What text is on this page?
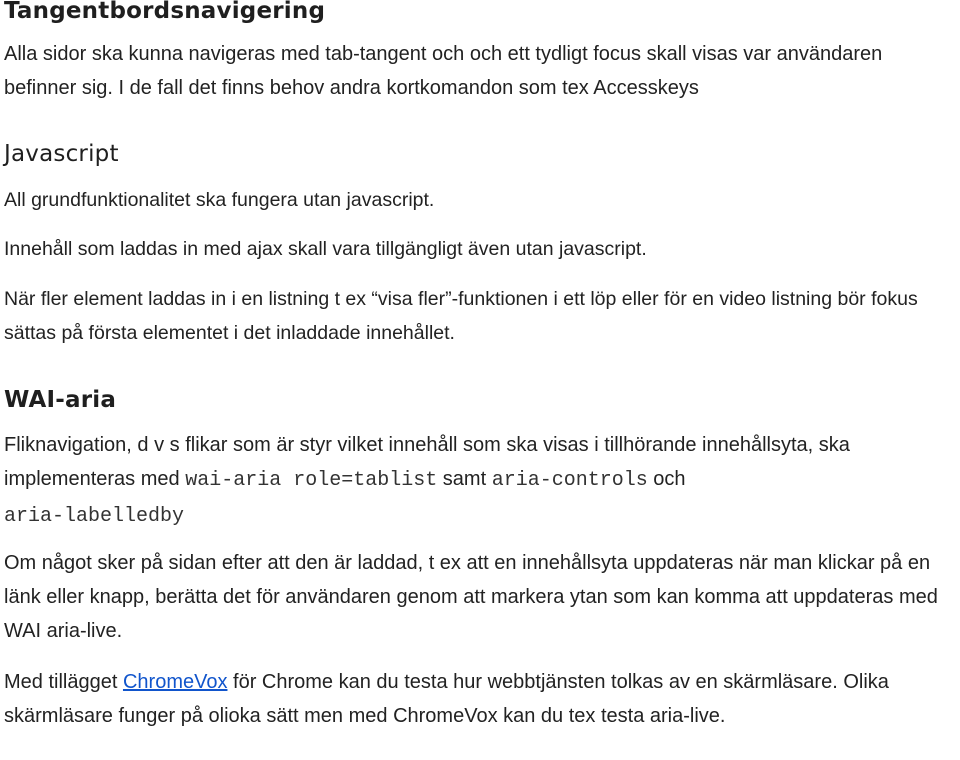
Tangentbordsnavigering

Alla sidor ska kunna navigeras med tab-tangent och och ett tydligt focus skall visas var användaren befinner sig. I de fall det finns behov andra kortkomandon som tex Accesskeys

Javascript

All grundfunktionalitet ska fungera utan javascript.

Innehåll som laddas in med ajax skall vara tillgängligt även utan javascript.

När fler element laddas in i en listning t ex “visa fler”-funktionen i ett löp eller för en video listning bör fokus sättas på första elementet i det inladdade innehållet.

WAI-aria

Fliknavigation, d v s flikar som är styr vilket innehåll som ska visas i tillhörande innehållsyta, ska implementeras med wai-aria role=tablist samt aria-controls och
aria-labelledby

Om något sker på sidan efter att den är laddad, t ex att en innehållsyta uppdateras när man klickar på en länk eller knapp, berätta det för användaren genom att markera ytan som kan komma att uppdateras med WAI aria-live.

Med tillägget ChromeVox för Chrome kan du testa hur webbtjänsten tolkas av en skärmläsare. Olika skärmläsare funger på olioka sätt men med ChromeVox kan du tex testa aria-live.
